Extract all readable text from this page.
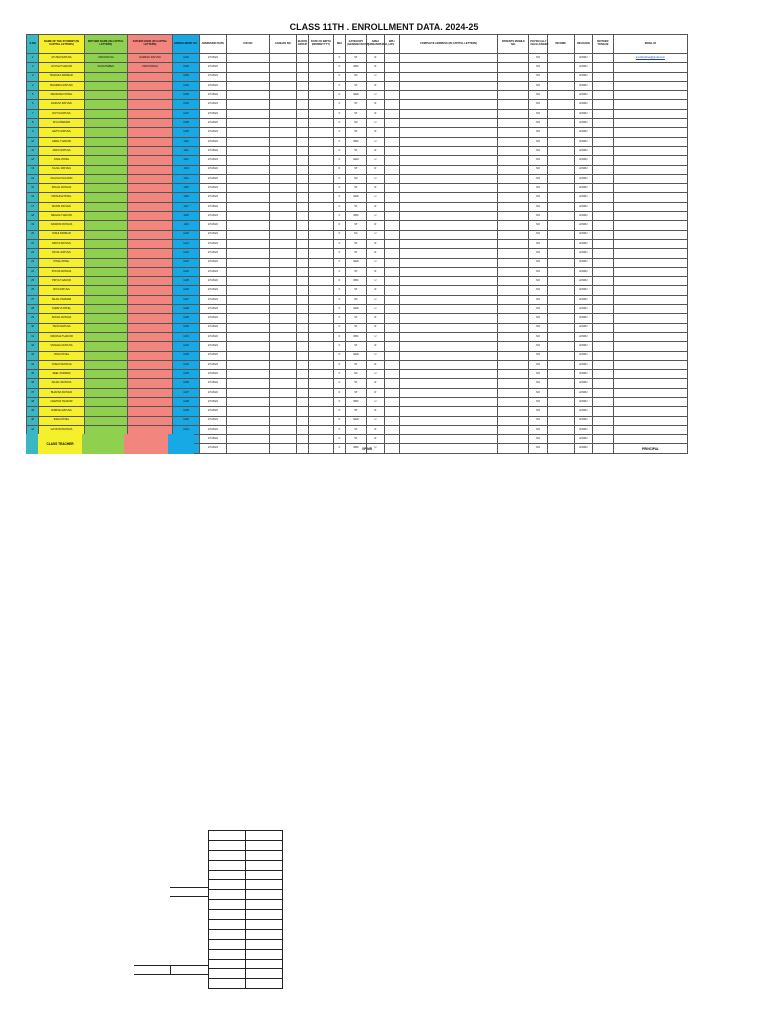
CLASS 11TH . ENROLLMENT DATA. 2024-25
S.NO	NAME OF THE STUDENT (IN CAPITAL LETTERS)	MOTHER NAME (IN CAPITAL LETTERS)	FATHER NAME (IN CAPITAL LETTERS)	ENROLLMENT NO.	ADMISSION DATE	UID NO	AADHAR NO	BLOOD GROUP	DATE OF BIRTH (DD/MM/YYYY)	SEX	CATEGORY (GEN/OBC/SC/ST)	AREA (URBAN/RURAL)	BPL/ APL	COMPLETE ADDRESS (IN CAPITAL LETTERS)	PARENTS MOBILE NO.	PHYSICALLY CHALLENGED	INCOME	RELIGION	MOTHER TONGUE	EMAIL ID
1	AYUSHI RATHVA	UPA RATHVA	HARESH RATHVA	1101	1/7/2024					F	ST	R				NO		HINDU		ayushirathva@gmail.com
2	AYUSHI THAKOR	SANGITABEN	PRAVINSINH	1102	1/7/2024					F	OBC	R				NO		HINDU		
3	BHAVIKA PARMAR			1103	1/7/2024					F	SC	U				NO		HINDU		
4	BHUMIKA RATHVA			1104	1/7/2024					F	ST	R				NO		HINDU		
5	DEVANSHI PATEL			1105	1/7/2024					F	GEN	U				NO		HINDU		
6	DHRUVI RATHVA			1106	1/7/2024					F	ST	R				NO		HINDU		
7	DIVYA RATHVA			1107	1/7/2024					F	ST	R				NO		HINDU		
8	DIYA PARMAR			1108	1/7/2024					F	SC	U				NO		HINDU		
9	HETVI RATHVA			1109	1/7/2024					F	ST	R				NO		HINDU		
10	HIRAL THAKOR			1110	1/7/2024					F	OBC	U				NO		HINDU		
11	JANVI RATHVA			1111	1/7/2024					F	ST	R				NO		HINDU		
12	JINAL PATEL			1112	1/7/2024					F	GEN	U				NO		HINDU		
13	KAJAL RATHVA			1113	1/7/2024					F	ST	R				NO		HINDU		
14	KHUSHI SOLANKI			1114	1/7/2024					F	SC	U				NO		HINDU		
15	KINJAL RATHVA			1115	1/7/2024					F	ST	R				NO		HINDU		
16	KRISHNA PATEL			1116	1/7/2024					F	GEN	U				NO		HINDU		
17	MANSI RATHVA			1117	1/7/2024					F	ST	R				NO		HINDU		
18	MEGHA THAKOR			1118	1/7/2024					F	OBC	U				NO		HINDU		
19	NANDINI RATHVA			1119	1/7/2024					F	ST	R				NO		HINDU		
20	NIDHI PARMAR			1120	1/7/2024					F	SC	U				NO		HINDU		
21	NIKITA RATHVA			1121	1/7/2024					F	ST	R				NO		HINDU		
22	PAYAL RATHVA			1122	1/7/2024					F	ST	R				NO		HINDU		
23	PINAL PATEL			1123	1/7/2024					F	GEN	U				NO		HINDU		
24	POOJA RATHVA			1124	1/7/2024					F	ST	R				NO		HINDU		
25	PRIYA THAKOR			1125	1/7/2024					F	OBC	U				NO		HINDU		
26	RIYA RATHVA			1126	1/7/2024					F	ST	R				NO		HINDU		
27	SEJAL PARMAR			1127	1/7/2024					F	SC	U				NO		HINDU		
28	SHREYA PATEL			1128	1/7/2024					F	GEN	U				NO		HINDU		
29	SONAL RATHVA			1129	1/7/2024					F	ST	R				NO		HINDU		
30	TANVI RATHVA			1130	1/7/2024					F	ST	R				NO		HINDU		
31	URVASHI THAKOR			1131	1/7/2024					F	OBC	U				NO		HINDU		
32	VAISHALI RATHVA			1132	1/7/2024					F	ST	R				NO		HINDU		
33	VIDHI PATEL			1133	1/7/2024					F	GEN	U				NO		HINDU		
34	YASHVI RATHVA			1134	1/7/2024					F	ST	R				NO		HINDU		
35	ZEEL PARMAR			1135	1/7/2024					F	SC	U				NO		HINDU		
36	ANJALI RATHVA			1136	1/7/2024					F	ST	R				NO		HINDU		
37	BHAVNA RATHVA			1137	1/7/2024					F	ST	R				NO		HINDU		
38	CHETNA THAKOR			1138	1/7/2024					F	OBC	U				NO		HINDU		
39	DIMPLE RATHVA			1139	1/7/2024					F	ST	R				NO		HINDU		
40	ESHA PATEL			1140	1/7/2024					F	GEN	U				NO		HINDU		
41	GAYATRI RATHVA			1141	1/7/2024					F	ST	R				NO		HINDU		
					1/7/2024					F	ST	R				NO		HINDU		
					1/7/2024					F	OBC	U				NO		HINDU		
CLASS TEACHER
VP MR	PRINCIPAL
